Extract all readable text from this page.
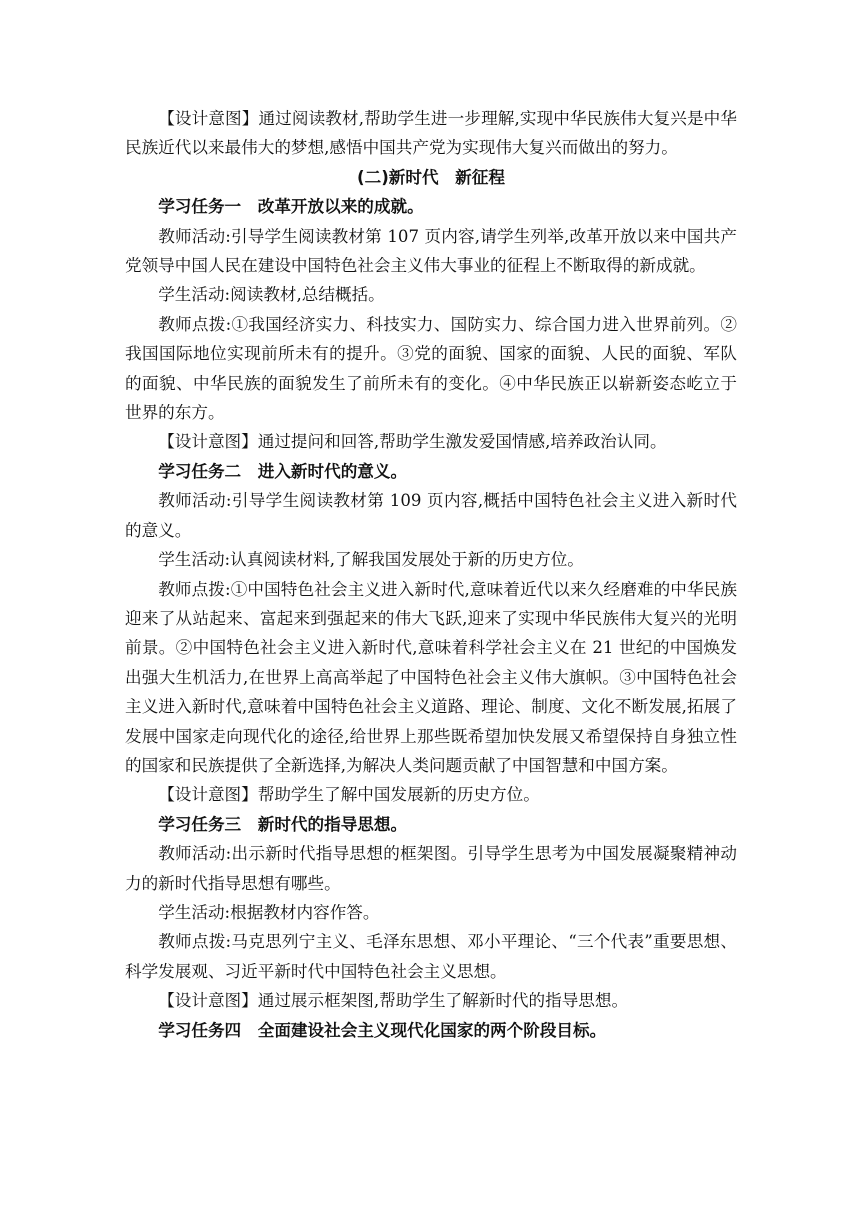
【设计意图】通过阅读教材,帮助学生进一步理解,实现中华民族伟大复兴是中华民族近代以来最伟大的梦想,感悟中国共产党为实现伟大复兴而做出的努力。

(二)新时代　新征程

学习任务一 改革开放以来的成就。

教师活动:引导学生阅读教材第 107 页内容,请学生列举,改革开放以来中国共产党领导中国人民在建设中国特色社会主义伟大事业的征程上不断取得的新成就。

学生活动:阅读教材,总结概括。

教师点拨:①我国经济实力、科技实力、国防实力、综合国力进入世界前列。②我国国际地位实现前所未有的提升。③党的面貌、国家的面貌、人民的面貌、军队的面貌、中华民族的面貌发生了前所未有的变化。④中华民族正以崭新姿态屹立于世界的东方。

【设计意图】通过提问和回答,帮助学生激发爱国情感,培养政治认同。

学习任务二 进入新时代的意义。

教师活动:引导学生阅读教材第 109 页内容,概括中国特色社会主义进入新时代的意义。

学生活动:认真阅读材料,了解我国发展处于新的历史方位。

教师点拨:①中国特色社会主义进入新时代,意味着近代以来久经磨难的中华民族迎来了从站起来、富起来到强起来的伟大飞跃,迎来了实现中华民族伟大复兴的光明前景。②中国特色社会主义进入新时代,意味着科学社会主义在 21 世纪的中国焕发出强大生机活力,在世界上高高举起了中国特色社会主义伟大旗帜。③中国特色社会主义进入新时代,意味着中国特色社会主义道路、理论、制度、文化不断发展,拓展了发展中国家走向现代化的途径,给世界上那些既希望加快发展又希望保持自身独立性的国家和民族提供了全新选择,为解决人类问题贡献了中国智慧和中国方案。

【设计意图】帮助学生了解中国发展新的历史方位。

学习任务三 新时代的指导思想。

教师活动:出示新时代指导思想的框架图。引导学生思考为中国发展凝聚精神动力的新时代指导思想有哪些。

学生活动:根据教材内容作答。

教师点拨:马克思列宁主义、毛泽东思想、邓小平理论、“三个代表”重要思想、科学发展观、习近平新时代中国特色社会主义思想。

【设计意图】通过展示框架图,帮助学生了解新时代的指导思想。

学习任务四 全面建设社会主义现代化国家的两个阶段目标。
